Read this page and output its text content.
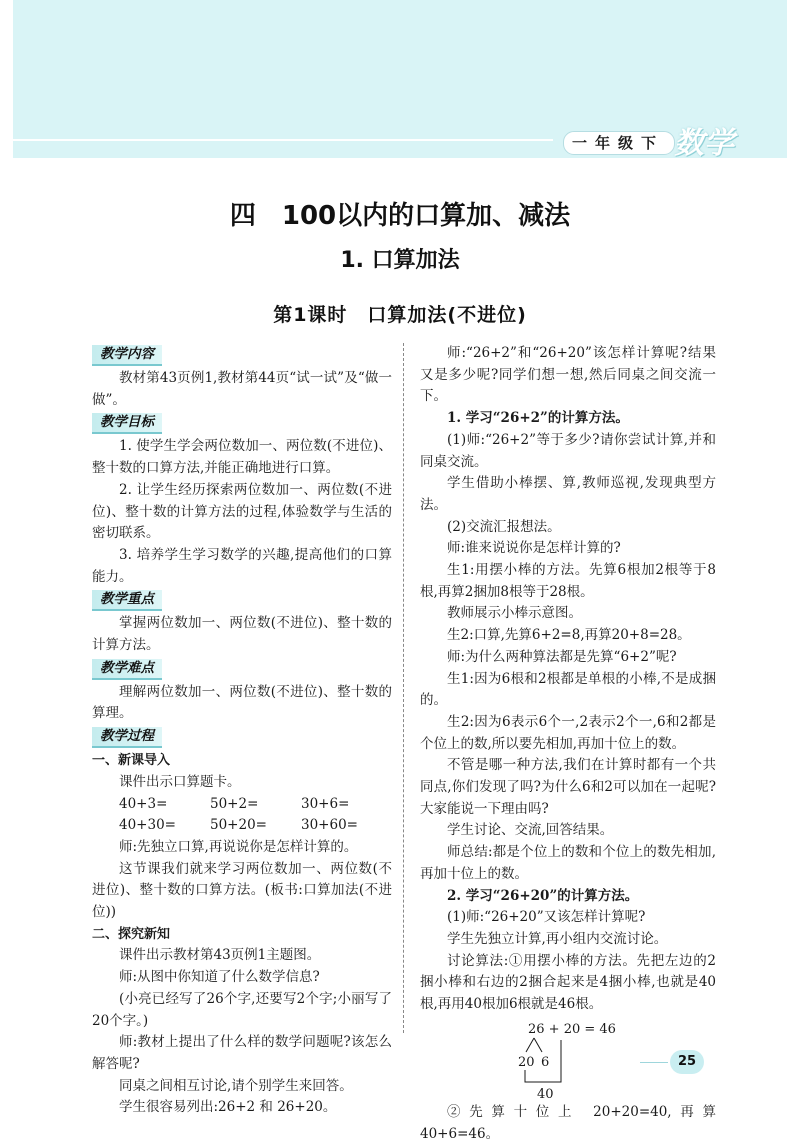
一年级下 数学
四　100以内的口算加、减法
1. 口算加法
第1课时　口算加法(不进位)
教学内容

教材第43页例1,教材第44页“试一试”及“做一做”。

教学目标

1. 使学生学会两位数加一、两位数(不进位)、整十数的口算方法,并能正确地进行口算。

2. 让学生经历探索两位数加一、两位数(不进位)、整十数的计算方法的过程,体验数学与生活的密切联系。

3. 培养学生学习数学的兴趣,提高他们的口算能力。

教学重点

掌握两位数加一、两位数(不进位)、整十数的计算方法。

教学难点

理解两位数加一、两位数(不进位)、整十数的算理。

教学过程

一、新课导入

课件出示口算题卡。

40+3=	50+2=	30+6=
40+30=	50+20=	30+60=

师:先独立口算,再说说你是怎样计算的。

这节课我们就来学习两位数加一、两位数(不进位)、整十数的口算方法。(板书:口算加法(不进位))

二、探究新知

课件出示教材第43页例1主题图。

师:从图中你知道了什么数学信息?

(小亮已经写了26个字,还要写2个字;小丽写了20个字。)

师:教材上提出了什么样的数学问题呢?该怎么解答呢?

同桌之间相互讨论,请个别学生来回答。

学生很容易列出:26+2 和 26+20。

师:“26+2”和“26+20”该怎样计算呢?结果又是多少呢?同学们想一想,然后同桌之间交流一下。

1. 学习“26+2”的计算方法。

(1)师:“26+2”等于多少?请你尝试计算,并和同桌交流。

学生借助小棒摆、算,教师巡视,发现典型方法。

(2)交流汇报想法。

师:谁来说说你是怎样计算的?

生1:用摆小棒的方法。先算6根加2根等于8根,再算2捆加8根等于28根。

教师展示小棒示意图。

生2:口算,先算6+2=8,再算20+8=28。

师:为什么两种算法都是先算“6+2”呢?

生1:因为6根和2根都是单根的小棒,不是成捆的。

生2:因为6表示6个一,2表示2个一,6和2都是个位上的数,所以要先相加,再加十位上的数。

不管是哪一种方法,我们在计算时都有一个共同点,你们发现了吗?为什么6和2可以加在一起呢?大家能说一下理由吗?

学生讨论、交流,回答结果。

师总结:都是个位上的数和个位上的数先相加,再加十位上的数。

2. 学习“26+20”的计算方法。

(1)师:“26+20”又该怎样计算呢?

学生先独立计算,再小组内交流讨论。

讨论算法:①用摆小棒的方法。先把左边的2捆小棒和右边的2捆合起来是4捆小棒,也就是40根,再用40根加6根就是46根。

26 + 20 = 46
20 6
40

②先算十位上 20+20=40,再算 40+6=46。

25
